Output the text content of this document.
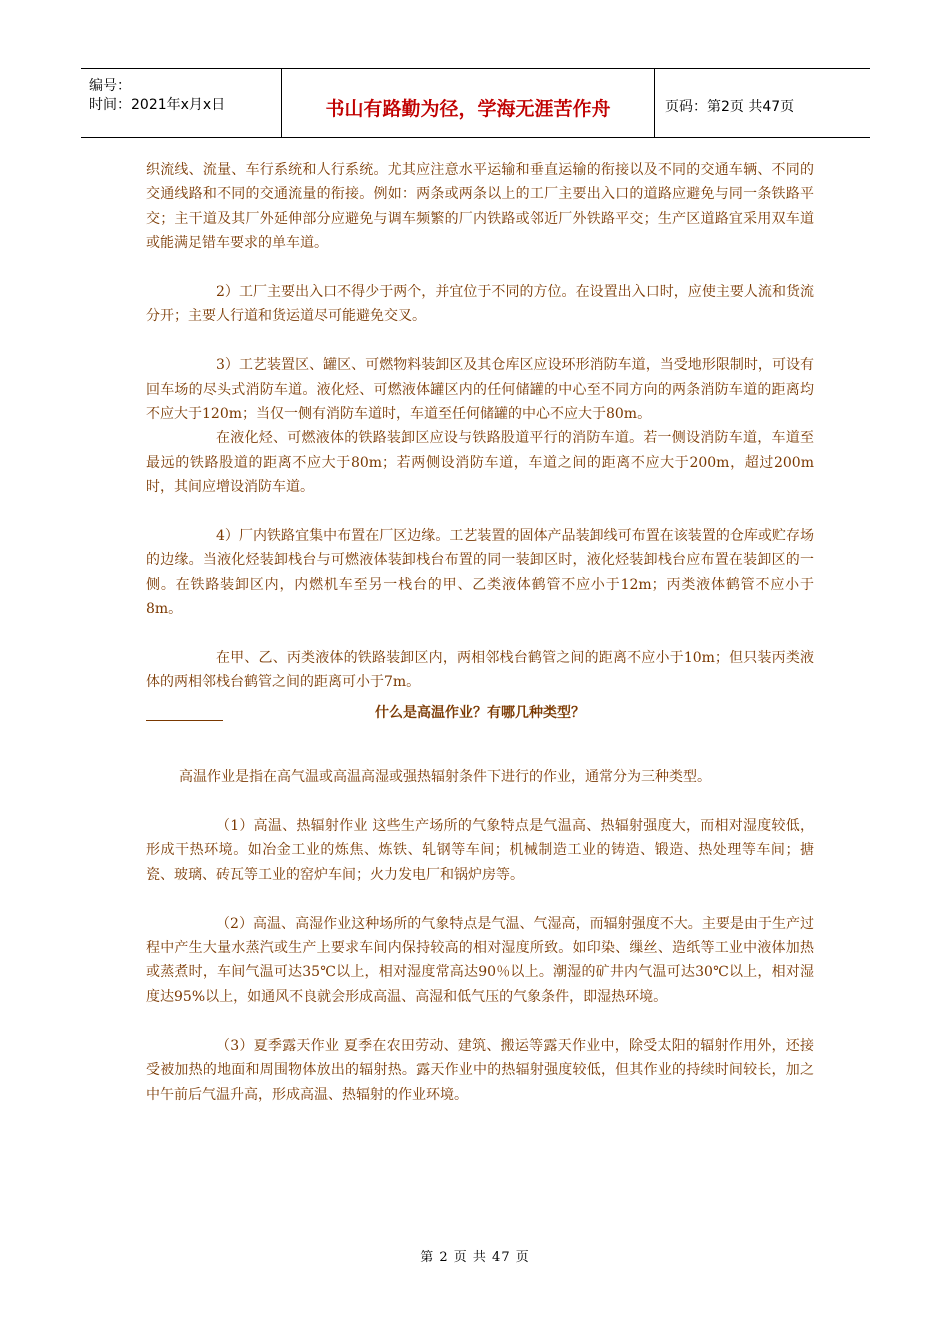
编号：
时间：2021年x月x日	书山有路勤为径，学海无涯苦作舟	页码：第2页 共47页

织流线、流量、车行系统和人行系统。尤其应注意水平运输和垂直运输的衔接以及不同的交通车辆、不同的交通线路和不同的交通流量的衔接。例如：两条或两条以上的工厂主要出入口的道路应避免与同一条铁路平交；主干道及其厂外延伸部分应避免与调车频繁的厂内铁路或邻近厂外铁路平交；生产区道路宜采用双车道或能满足错车要求的单车道。

2）工厂主要出入口不得少于两个，并宜位于不同的方位。在设置出入口时，应使主要人流和货流分开；主要人行道和货运道尽可能避免交叉。

3）工艺装置区、罐区、可燃物料装卸区及其仓库区应设环形消防车道，当受地形限制时，可设有回车场的尽头式消防车道。液化烃、可燃液体罐区内的任何储罐的中心至不同方向的两条消防车道的距离均不应大于120m；当仅一侧有消防车道时，车道至任何储罐的中心不应大于80m。

在液化烃、可燃液体的铁路装卸区应设与铁路股道平行的消防车道。若一侧设消防车道，车道至最远的铁路股道的距离不应大于80m；若两侧设消防车道，车道之间的距离不应大于200m，超过200m时，其间应增设消防车道。

4）厂内铁路宜集中布置在厂区边缘。工艺装置的固体产品装卸线可布置在该装置的仓库或贮存场的边缘。当液化烃装卸栈台与可燃液体装卸栈台布置的同一装卸区时，液化烃装卸栈台应布置在装卸区的一侧。在铁路装卸区内，内燃机车至另一栈台的甲、乙类液体鹤管不应小于12m；丙类液体鹤管不应小于8m。

在甲、乙、丙类液体的铁路装卸区内，两相邻栈台鹤管之间的距离不应小于10m；但只装丙类液体的两相邻栈台鹤管之间的距离可小于7m。

什么是高温作业？有哪几种类型？

高温作业是指在高气温或高温高湿或强热辐射条件下进行的作业，通常分为三种类型。

（1）高温、热辐射作业 这些生产场所的气象特点是气温高、热辐射强度大，而相对湿度较低，形成干热环境。如冶金工业的炼焦、炼铁、轧钢等车间；机械制造工业的铸造、锻造、热处理等车间；搪瓷、玻璃、砖瓦等工业的窑炉车间；火力发电厂和锅炉房等。

（2）高温、高湿作业这种场所的气象特点是气温、气湿高，而辐射强度不大。主要是由于生产过程中产生大量水蒸汽或生产上要求车间内保持较高的相对湿度所致。如印染、缫丝、造纸等工业中液体加热或蒸煮时，车间气温可达35℃以上，相对湿度常高达90％以上。潮湿的矿井内气温可达30℃以上，相对湿度达95%以上，如通风不良就会形成高温、高湿和低气压的气象条件，即湿热环境。

（3）夏季露天作业 夏季在农田劳动、建筑、搬运等露天作业中，除受太阳的辐射作用外，还接受被加热的地面和周围物体放出的辐射热。露天作业中的热辐射强度较低，但其作业的持续时间较长，加之中午前后气温升高，形成高温、热辐射的作业环境。

第 2 页 共 47 页
